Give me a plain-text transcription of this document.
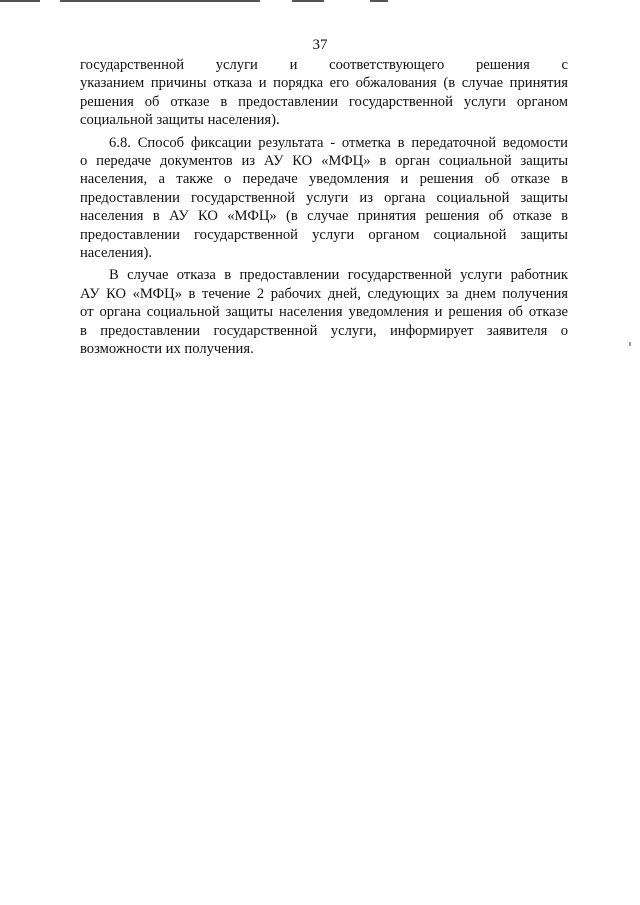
37

государственной услуги и соответствующего решения с
указанием причины отказа и порядка его обжалования (в случае принятия
решения об отказе в предоставлении государственной услуги органом
социальной защиты населения).

6.8. Способ фиксации результата - отметка в передаточной ведомости
о передаче документов из АУ КО «МФЦ» в орган социальной защиты
населения, а также о передаче уведомления и решения об отказе в
предоставлении государственной услуги из органа социальной защиты
населения в АУ КО «МФЦ» (в случае принятия решения об отказе в
предоставлении государственной услуги органом социальной защиты
населения).

В случае отказа в предоставлении государственной услуги работник
АУ КО «МФЦ» в течение 2 рабочих дней, следующих за днем получения
от органа социальной защиты населения уведомления и решения об отказе
в предоставлении государственной услуги, информирует заявителя о
возможности их получения.
